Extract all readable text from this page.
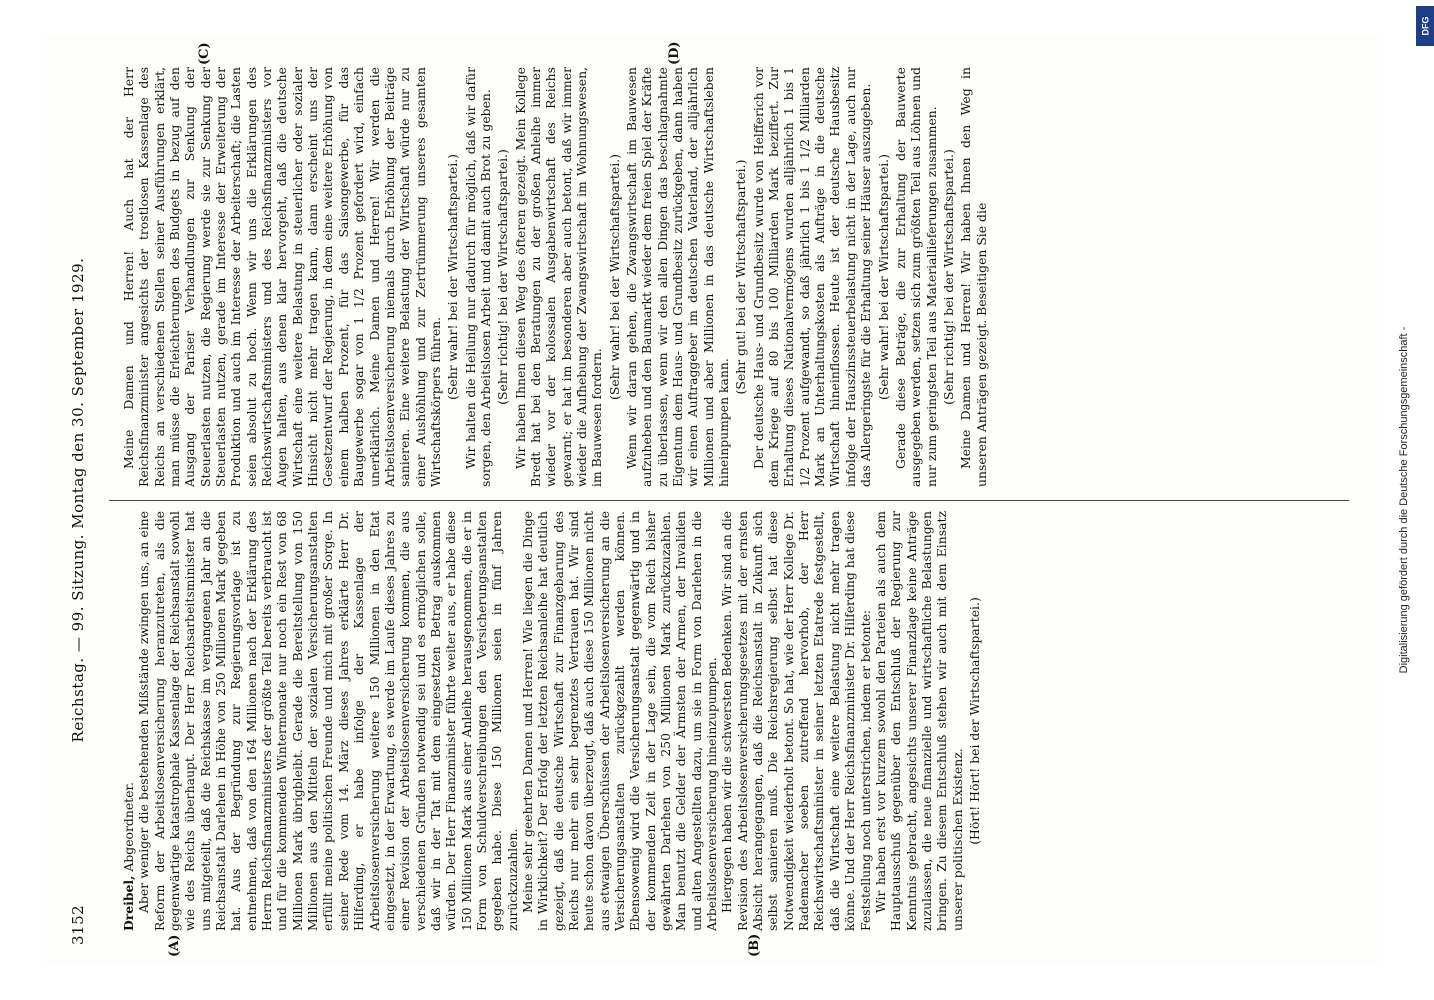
3152
Reichstag. — 99. Sitzung. Montag den 30. September 1929.
(A)	(B)
(C)	(D)

Dreibel, Abgeordneter. Aber weniger die bestehenden Mißstände zwingen uns, an eine Reform der Arbeitslosenversicherung heranzutreten, als die gegenwärtige katastrophale Kassenlage der Reichsanstalt sowohl wie des Reichs überhaupt. Der Herr Reichsarbeitsminister hat uns mitgeteilt, daß die Reichskasse im vergangenen Jahr an die Reichsanstalt Darlehen in Höhe von 250 Millionen Mark gegeben hat. Aus der Begründung zur Regierungsvorlage ist zu entnehmen, daß von den 164 Millionen nach der Erklärung des Herrn Reichsfinanzministers der größte Teil bereits verbraucht ist und für die kommenden Wintermonate nur noch ein Rest von 68 Millionen Mark übrigbleibt. Gerade die Bereitstellung von 150 Millionen aus den Mitteln der sozialen Versicherungsanstalten erfüllt meine politischen Freunde und mich mit großer Sorge. In seiner Rede vom 14. März dieses Jahres erklärte Herr Dr. Hilferding, er habe infolge der Kassenlage der Arbeitslosenversicherung weitere 150 Millionen in den Etat eingesetzt, in der Erwartung, es werde im Laufe dieses Jahres zu einer Revision der Arbeitslosenversicherung kommen, die aus verschiedenen Gründen notwendig sei und es ermöglichen solle, daß wir in der Tat mit dem eingesetzten Betrag auskommen würden. Der Herr Finanzminister führte weiter aus, er habe diese 150 Millionen Mark aus einer Anleihe herausgenommen, die er in Form von Schuldverschreibungen den Versicherungsanstalten gegeben habe. Diese 150 Millionen seien in fünf Jahren zurückzuzahlen. Meine sehr geehrten Damen und Herren! Wie liegen die Dinge in Wirklichkeit? Der Erfolg der letzten Reichsanleihe hat deutlich gezeigt, daß die deutsche Wirtschaft zur Finanzgebarung des Reichs nur mehr ein sehr begrenztes Vertrauen hat. Wir sind heute schon davon überzeugt, daß auch diese 150 Millionen nicht aus etwaigen Überschüssen der Arbeitslosenversicherung an die Versicherungsanstalten zurückgezahlt werden können. Ebensowenig wird die Versicherungsanstalt gegenwärtig und in der kommenden Zeit in der Lage sein, die vom Reich bisher gewährten Darlehen von 250 Millionen Mark zurückzuzahlen. Man benutzt die Gelder der Ärmsten der Armen, der Invaliden und alten Angestellten dazu, um sie in Form von Darlehen in die Arbeitslosenversicherung hineinzupumpen. Hiergegen haben wir die schwersten Bedenken. Wir sind an die Revision des Arbeitslosenversicherungsgesetzes mit der ernsten Absicht herangegangen, daß die Reichsanstalt in Zukunft sich selbst sanieren muß. Die Reichsregierung selbst hat diese Notwendigkeit wiederholt betont. So hat, wie der Herr Kollege Dr. Rademacher soeben zutreffend hervorhob, der Herr Reichswirtschaftsminister in seiner letzten Etatrede festgestellt, daß die Wirtschaft eine weitere Belastung nicht mehr tragen könne. Und der Herr Reichsfinanzminister Dr. Hilferding hat diese Feststellung noch unterstrichen, indem er betonte: Wir haben erst vor kurzem sowohl den Parteien als auch dem Hauptausschuß gegenüber den Entschluß der Regierung zur Kenntnis gebracht, angesichts unserer Finanzlage keine Anträge zuzulassen, die neue finanzielle und wirtschaftliche Belastungen bringen. Zu diesem Entschluß stehen wir auch mit dem Einsatz unserer politischen Existenz. (Hört! Hört! bei der Wirtschaftspartei.)

Meine Damen und Herren! Auch hat der Herr Reichsfinanzminister angesichts der trostlosen Kassenlage des Reichs an verschiedenen Stellen seiner Ausführungen erklärt, man müsse die Erleichterungen des Budgets in bezug auf den Ausgang der Pariser Verhandlungen zur Senkung der Steuerlasten nutzen, die Regierung werde sie zur Senkung der Steuerlasten nutzen, gerade im Interesse der Erweiterung der Produktion und auch im Interesse der Arbeiterschaft; die Lasten seien absolut zu hoch. Wenn wir uns die Erklärungen des Reichswirtschaftsministers und des Reichsfinanzministers vor Augen halten, aus denen klar hervorgeht, daß die deutsche Wirtschaft eine weitere Belastung in steuerlicher oder sozialer Hinsicht nicht mehr tragen kann, dann erscheint uns der Gesetzentwurf der Regierung, in dem eine weitere Erhöhung von einem halben Prozent, für das Saisongewerbe, für das Baugewerbe sogar von 1 1/2 Prozent gefordert wird, einfach unerklärlich. Meine Damen und Herren! Wir werden die Arbeitslosenversicherung niemals durch Erhöhung der Beiträge sanieren. Eine weitere Belastung der Wirtschaft würde nur zu einer Aushöhlung und zur Zertrümmerung unseres gesamten Wirtschaftskörpers führen.

(Sehr wahr! bei der Wirtschaftspartei.) Wir halten die Heilung nur dadurch für möglich, daß wir dafür sorgen, den Arbeitslosen Arbeit und damit auch Brot zu geben. (Sehr richtig! bei der Wirtschaftspartei.) Wir haben Ihnen diesen Weg des öfteren gezeigt. Mein Kollege Bredt hat bei den Beratungen zu der großen Anleihe immer wieder vor der kolossalen Ausgabenwirtschaft des Reichs gewarnt; er hat im besonderen aber auch betont, daß wir immer wieder die Aufhebung der Zwangswirtschaft im Wohnungswesen, im Bauwesen fordern.

(Sehr wahr! bei der Wirtschaftspartei.) Wenn wir daran gehen, die Zwangswirtschaft im Bauwesen aufzuheben und den Baumarkt wieder dem freien Spiel der Kräfte zu überlassen, wenn wir den allen Dingen das beschlagnahmte Eigentum dem Haus- und Grundbesitz zurückgeben, dann haben wir einen Auftraggeber im deutschen Vaterland, der alljährlich Millionen und aber Millionen in das deutsche Wirtschaftsleben hineinpumpen kann.

(Sehr gut! bei der Wirtschaftspartei.) Der deutsche Haus- und Grundbesitz wurde von Helfferich vor dem Kriege auf 80 bis 100 Milliarden Mark beziffert. Zur Erhaltung dieses Nationalvermögens wurden alljährlich 1 bis 1 1/2 Prozent aufgewandt, so daß jährlich 1 bis 1 1/2 Milliarden Mark an Unterhaltungskosten als Aufträge in die deutsche Wirtschaft hineinflossen. Heute ist der deutsche Hausbesitz infolge der Hauszinssteuerbelastung nicht in der Lage, auch nur das Allergeringste für die Erhaltung seiner Häuser auszugeben. (Sehr wahr! bei der Wirtschaftspartei.) Gerade diese Beträge, die zur Erhaltung der Bauwerte ausgegeben werden, setzen sich zum größten Teil aus Löhnen und nur zum geringsten Teil aus Materiallieferungen zusammen. (Sehr richtig! bei der Wirtschaftspartei.) Meine Damen und Herren! Wir haben Ihnen den Weg in unseren Anträgen gezeigt. Beseitigen Sie die	Digitalisierung gefördert durch die Deutsche Forschungsgemeinschaft -
DFG
